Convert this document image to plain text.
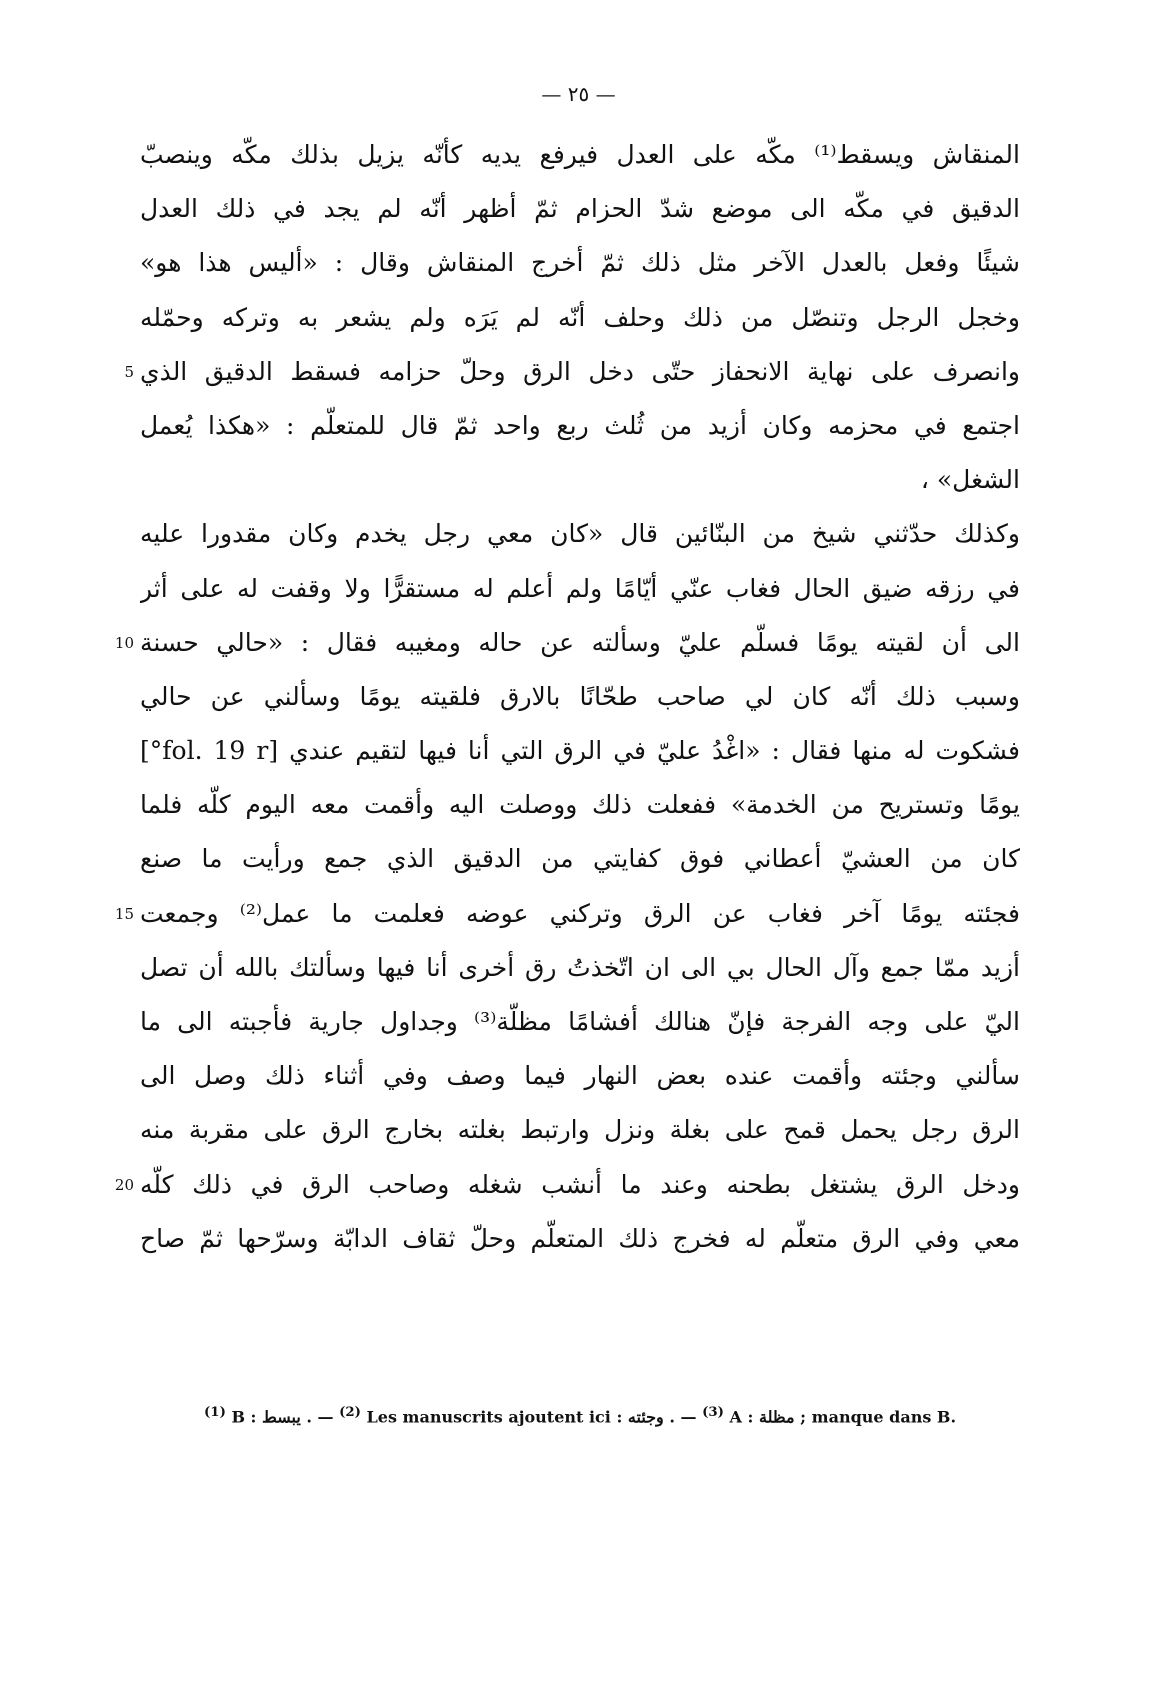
— ٢٥ —
المنقاش ويسقط⁽¹⁾ مكّه على العدل فيرفع يديه كأنّه يزيل بذلك مكّه وينصبّ
الدقيق في مكّه الى موضع شدّ الحزام ثمّ أظهر أنّه لم يجد في ذلك العدل
شيئًا وفعل بالعدل الآخر مثل ذلك ثمّ أخرج المنقاش وقال : «أليس هذا هو»
وخجل الرجل وتنصّل من ذلك وحلف أنّه لم يَرَه ولم يشعر به وتركه وحمّله
وانصرف على نهاية الانحفاز حتّى دخل الرق وحلّ حزامه فسقط الدقيق الذي
اجتمع في محزمه وكان أزيد من ثُلث ربع واحد ثمّ قال للمتعلّم : «هكذا يُعمل
الشغل» ،
وكذلك حدّثني شيخ من البنّائين قال «كان معي رجل يخدم وكان مقدورا عليه
في رزقه ضيق الحال فغاب عنّي أيّامًا ولم أعلم له مستقرًّا ولا وقفت له على أثر
الى أن لقيته يومًا فسلّم عليّ وسألته عن حاله ومغيبه فقال : «حالي حسنة
وسبب ذلك أنّه كان لي صاحب طحّانًا بالارق فلقيته يومًا وسألني عن حالي
فشكوت له منها فقال : «اغْدُ عليّ في الرق التي أنا فيها لتقيم عندي [fol. 19 r°]
يومًا وتستريح من الخدمة» ففعلت ذلك ووصلت اليه وأقمت معه اليوم كلّه فلما
كان من العشيّ أعطاني فوق كفايتي من الدقيق الذي جمع ورأيت ما صنع
فجئته يومًا آخر فغاب عن الرق وتركني عوضه فعلمت ما عمل⁽²⁾ وجمعت
أزيد ممّا جمع وآل الحال بي الى ان اتّخذتُ رق أخرى أنا فيها وسألتك بالله أن تصل
اليّ على وجه الفرجة فإنّ هنالك أفشامًا مظلّة⁽³⁾ وجداول جارية فأجبته الى ما
سألني وجئته وأقمت عنده بعض النهار فيما وصف وفي أثناء ذلك وصل الى
الرق رجل يحمل قمح على بغلة ونزل وارتبط بغلته بخارج الرق على مقربة منه
ودخل الرق يشتغل بطحنه وعند ما أنشب شغله وصاحب الرق في ذلك كلّه
معي وفي الرق متعلّم له فخرج ذلك المتعلّم وحلّ ثقاف الدابّة وسرّحها ثمّ صاح
$^{(1)}$ B : يبسط . — $^{(2)}$ Les manuscrits ajoutent ici : وجئته . — $^{(3)}$ A : مظلة ; manque dans B.
5
10
15
20
